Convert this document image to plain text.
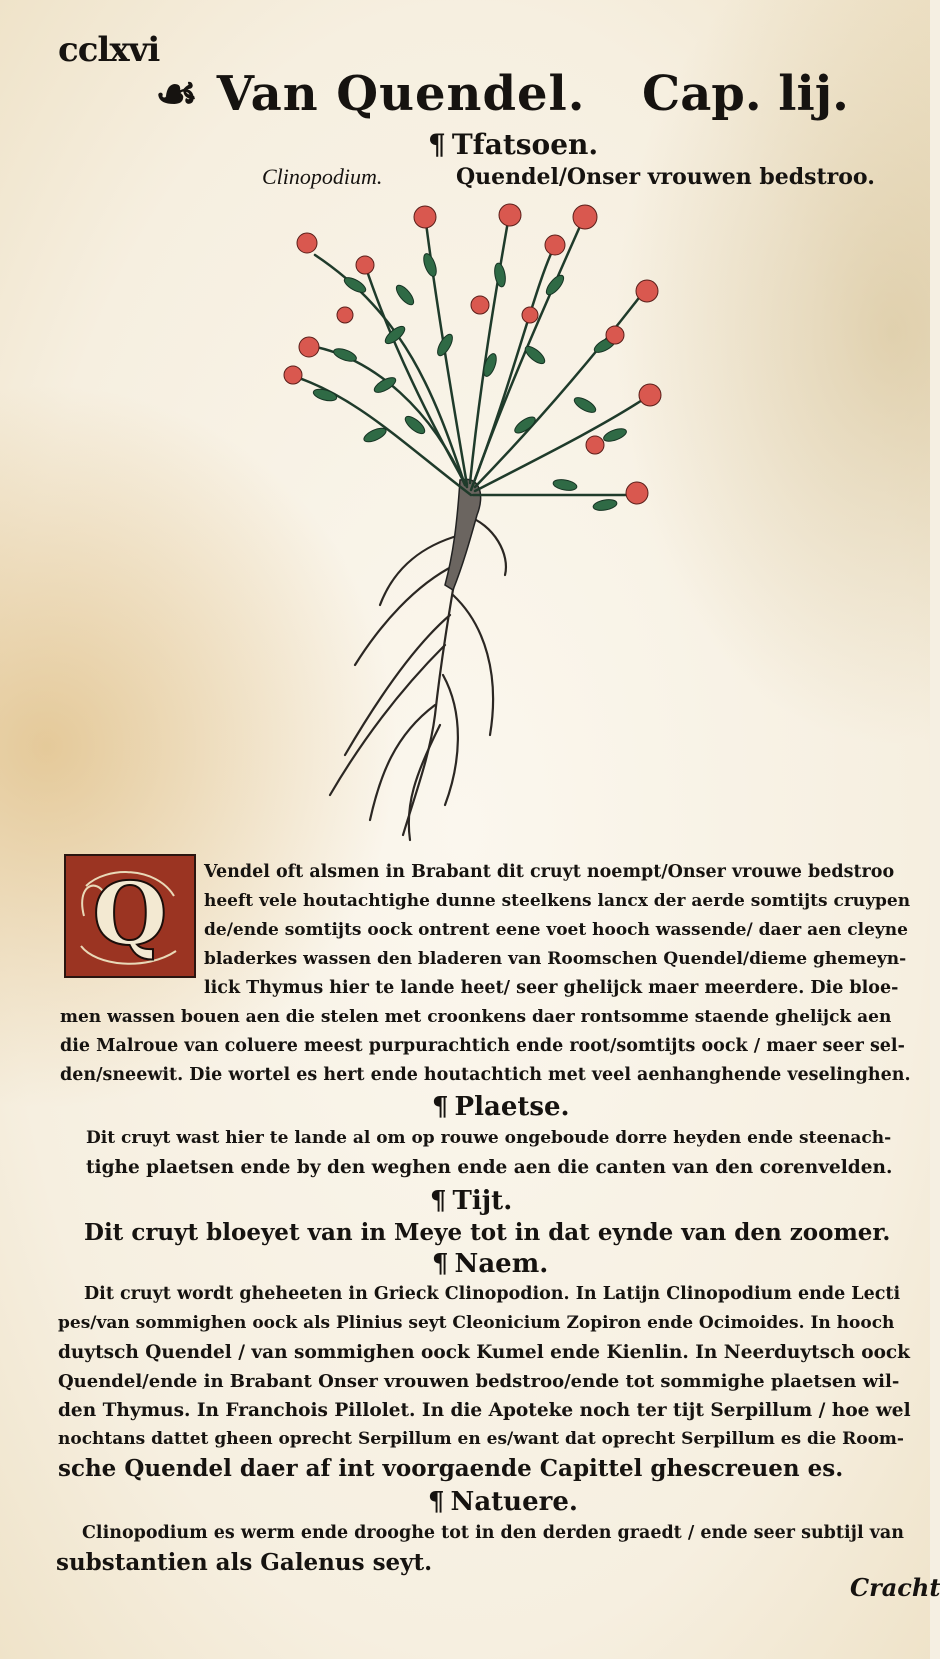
cclxvi
☙ Van Quendel. Cap. lij.
¶ Tfatsoen.
Clinopodium.	Quendel/Onser vrouwen bedstroo.
Q Vendel oft alsmen in Brabant dit cruyt noempt/Onser vrouwe bedstroo
heeft vele houtachtighe dunne steelkens lancx der aerde somtijts cruypen
de/ende somtijts oock ontrent eene voet hooch wassende/ daer aen cleyne
bladerkes wassen den bladeren van Roomschen Quendel/dieme ghemeyn-
lick Thymus hier te lande heet/ seer ghelijck maer meerdere. Die bloe-
men wassen bouen aen die stelen met croonkens daer rontsomme staende ghelijck aen
die Malroue van coluere meest purpurachtich ende root/somtijts oock / maer seer sel-
den/sneewit. Die wortel es hert ende houtachtich met veel aenhanghende veselinghen.
¶ Plaetse.
Dit cruyt wast hier te lande al om op rouwe ongeboude dorre heyden ende steenach-
tighe plaetsen ende by den weghen ende aen die canten van den corenvelden.
¶ Tijt.
Dit cruyt bloeyet van in Meye tot in dat eynde van den zoomer.
¶ Naem.
Dit cruyt wordt gheheeten in Grieck Clinopodion. In Latijn Clinopodium ende Lecti
pes/van sommighen oock als Plinius seyt Cleonicium Zopiron ende Ocimoides. In hooch
duytsch Quendel / van sommighen oock Kumel ende Kienlin. In Neerduytsch oock
Quendel/ende in Brabant Onser vrouwen bedstroo/ende tot sommighe plaetsen wil-
den Thymus. In Franchois Pillolet. In die Apoteke noch ter tijt Serpillum / hoe wel
nochtans dattet gheen oprecht Serpillum en es/want dat oprecht Serpillum es die Room-
sche Quendel daer af int voorgaende Capittel ghescreuen es.
¶ Natuere.
Clinopodium es werm ende drooghe tot in den derden graedt / ende seer subtijl van
substantien als Galenus seyt.
Cracht
